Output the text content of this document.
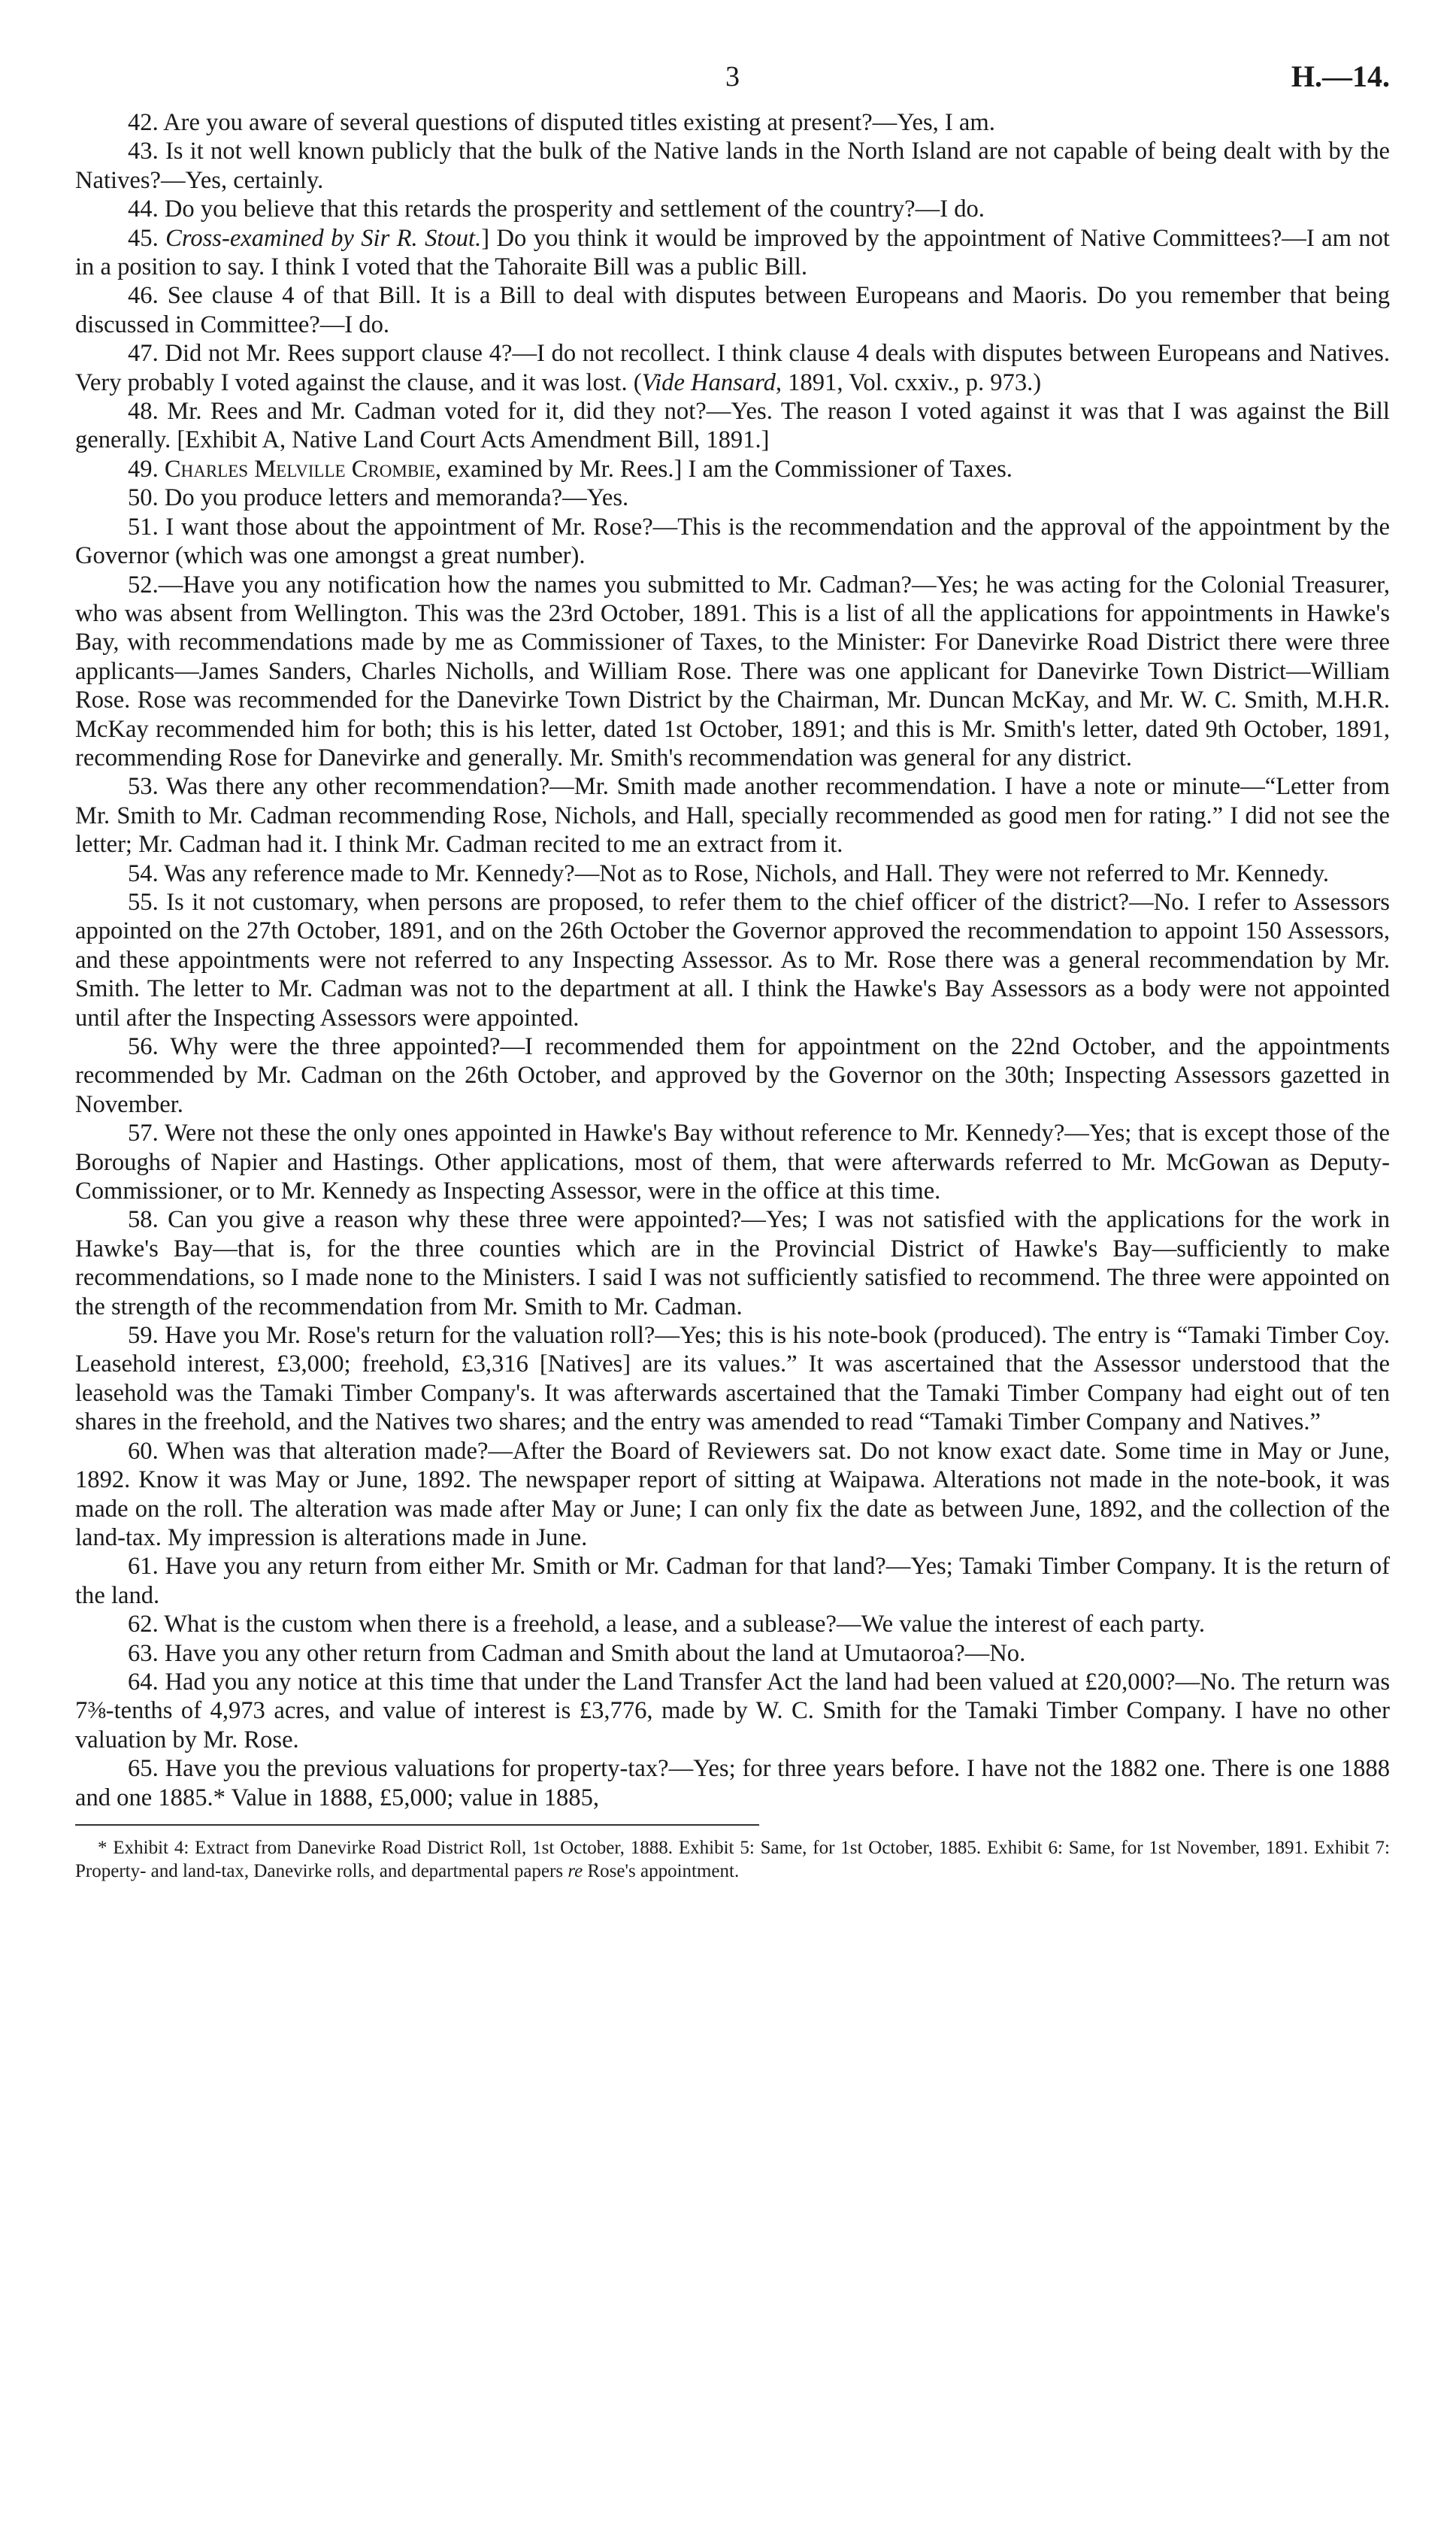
3	H.—14.

42. Are you aware of several questions of disputed titles existing at present?—Yes, I am.

43. Is it not well known publicly that the bulk of the Native lands in the North Island are not capable of being dealt with by the Natives?—Yes, certainly.

44. Do you believe that this retards the prosperity and settlement of the country?—I do.

45. Cross-examined by Sir R. Stout.] Do you think it would be improved by the appointment of Native Committees?—I am not in a position to say. I think I voted that the Tahoraite Bill was a public Bill.

46. See clause 4 of that Bill. It is a Bill to deal with disputes between Europeans and Maoris. Do you remember that being discussed in Committee?—I do.

47. Did not Mr. Rees support clause 4?—I do not recollect. I think clause 4 deals with disputes between Europeans and Natives. Very probably I voted against the clause, and it was lost. (Vide Hansard, 1891, Vol. cxxiv., p. 973.)

48. Mr. Rees and Mr. Cadman voted for it, did they not?—Yes. The reason I voted against it was that I was against the Bill generally. [Exhibit A, Native Land Court Acts Amendment Bill, 1891.]

49. Charles Melville Crombie, examined by Mr. Rees.] I am the Commissioner of Taxes.

50. Do you produce letters and memoranda?—Yes.

51. I want those about the appointment of Mr. Rose?—This is the recommendation and the approval of the appointment by the Governor (which was one amongst a great number).

52.—Have you any notification how the names you submitted to Mr. Cadman?—Yes; he was acting for the Colonial Treasurer, who was absent from Wellington. This was the 23rd October, 1891. This is a list of all the applications for appointments in Hawke's Bay, with recommendations made by me as Commissioner of Taxes, to the Minister: For Danevirke Road District there were three applicants—James Sanders, Charles Nicholls, and William Rose. There was one applicant for Danevirke Town District—William Rose. Rose was recommended for the Danevirke Town District by the Chairman, Mr. Duncan McKay, and Mr. W. C. Smith, M.H.R. McKay recommended him for both; this is his letter, dated 1st October, 1891; and this is Mr. Smith's letter, dated 9th October, 1891, recommending Rose for Danevirke and generally. Mr. Smith's recommendation was general for any district.

53. Was there any other recommendation?—Mr. Smith made another recommendation. I have a note or minute—“Letter from Mr. Smith to Mr. Cadman recommending Rose, Nichols, and Hall, specially recommended as good men for rating.” I did not see the letter; Mr. Cadman had it. I think Mr. Cadman recited to me an extract from it.

54. Was any reference made to Mr. Kennedy?—Not as to Rose, Nichols, and Hall. They were not referred to Mr. Kennedy.

55. Is it not customary, when persons are proposed, to refer them to the chief officer of the district?—No. I refer to Assessors appointed on the 27th October, 1891, and on the 26th October the Governor approved the recommendation to appoint 150 Assessors, and these appointments were not referred to any Inspecting Assessor. As to Mr. Rose there was a general recommendation by Mr. Smith. The letter to Mr. Cadman was not to the department at all. I think the Hawke's Bay Assessors as a body were not appointed until after the Inspecting Assessors were appointed.

56. Why were the three appointed?—I recommended them for appointment on the 22nd October, and the appointments recommended by Mr. Cadman on the 26th October, and approved by the Governor on the 30th; Inspecting Assessors gazetted in November.

57. Were not these the only ones appointed in Hawke's Bay without reference to Mr. Kennedy?—Yes; that is except those of the Boroughs of Napier and Hastings. Other applications, most of them, that were afterwards referred to Mr. McGowan as Deputy-Commissioner, or to Mr. Kennedy as Inspecting Assessor, were in the office at this time.

58. Can you give a reason why these three were appointed?—Yes; I was not satisfied with the applications for the work in Hawke's Bay—that is, for the three counties which are in the Provincial District of Hawke's Bay—sufficiently to make recommendations, so I made none to the Ministers. I said I was not sufficiently satisfied to recommend. The three were appointed on the strength of the recommendation from Mr. Smith to Mr. Cadman.

59. Have you Mr. Rose's return for the valuation roll?—Yes; this is his note-book (produced). The entry is “Tamaki Timber Coy. Leasehold interest, £3,000; freehold, £3,316 [Natives] are its values.” It was ascertained that the Assessor understood that the leasehold was the Tamaki Timber Company's. It was afterwards ascertained that the Tamaki Timber Company had eight out of ten shares in the freehold, and the Natives two shares; and the entry was amended to read “Tamaki Timber Company and Natives.”

60. When was that alteration made?—After the Board of Reviewers sat. Do not know exact date. Some time in May or June, 1892. Know it was May or June, 1892. The newspaper report of sitting at Waipawa. Alterations not made in the note-book, it was made on the roll. The alteration was made after May or June; I can only fix the date as between June, 1892, and the collection of the land-tax. My impression is alterations made in June.

61. Have you any return from either Mr. Smith or Mr. Cadman for that land?—Yes; Tamaki Timber Company. It is the return of the land.

62. What is the custom when there is a freehold, a lease, and a sublease?—We value the interest of each party.

63. Have you any other return from Cadman and Smith about the land at Umutaoroa?—No.

64. Had you any notice at this time that under the Land Transfer Act the land had been valued at £20,000?—No. The return was 7⅜-tenths of 4,973 acres, and value of interest is £3,776, made by W. C. Smith for the Tamaki Timber Company. I have no other valuation by Mr. Rose.

65. Have you the previous valuations for property-tax?—Yes; for three years before. I have not the 1882 one. There is one 1888 and one 1885.* Value in 1888, £5,000; value in 1885,

* Exhibit 4: Extract from Danevirke Road District Roll, 1st October, 1888. Exhibit 5: Same, for 1st October, 1885. Exhibit 6: Same, for 1st November, 1891. Exhibit 7: Property- and land-tax, Danevirke rolls, and departmental papers re Rose's appointment.
